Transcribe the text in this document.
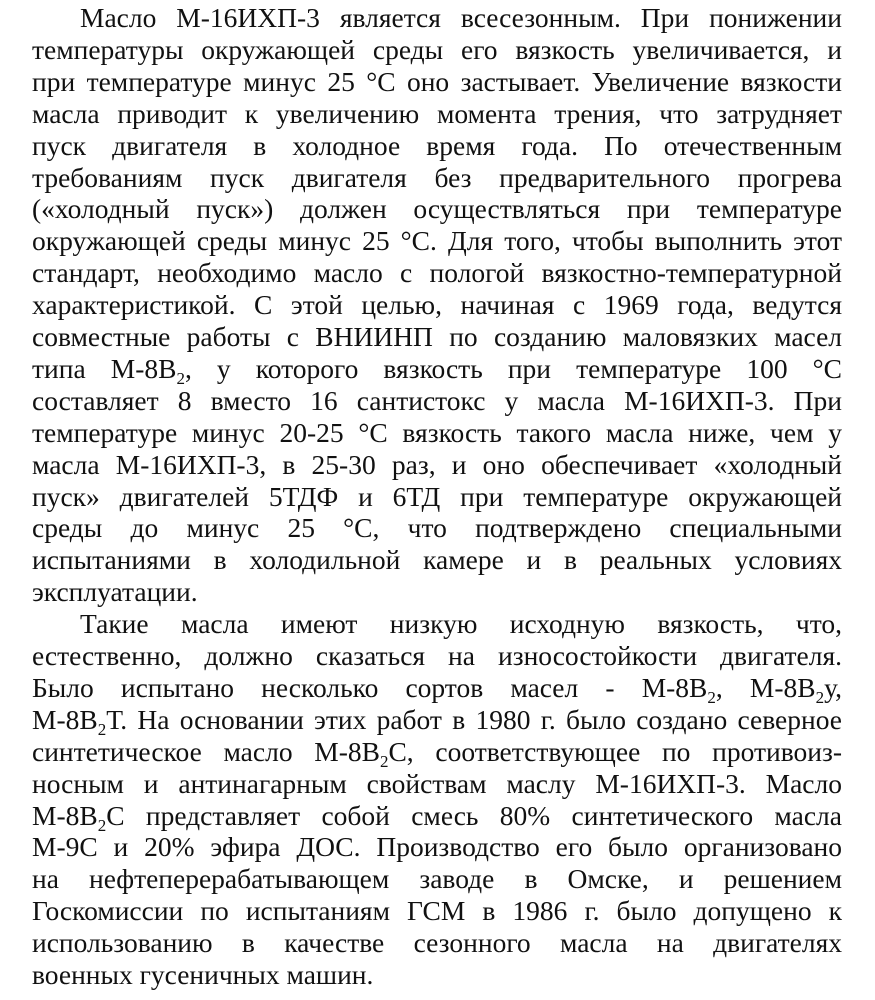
Масло М-16ИХП-3 является всесезонным. При понижении
температуры окружающей среды его вязкость увеличивается, и
при температуре минус 25 °С оно застывает. Увеличение вязкости
масла приводит к увеличению момента трения, что затрудняет
пуск двигателя в холодное время года. По отечественным
требованиям пуск двигателя без предварительного прогрева
(«холодный пуск») должен осуществляться при температуре
окружающей среды минус 25 °С. Для того, чтобы выполнить этот
стандарт, необходимо масло с пологой вязкостно-температурной
характеристикой. С этой целью, начиная с 1969 года, ведутся
совместные работы с ВНИИНП по созданию маловязких масел
типа $М-8В_2$, у которого вязкость при температуре 100 °С
составляет 8 вместо 16 сантистокс у масла М-16ИХП-3. При
температуре минус 20-25 °С вязкость такого масла ниже, чем у
масла М-16ИХП-3, в 25-30 раз, и оно обеспечивает «холодный
пуск» двигателей 5ТДФ и 6ТД при температуре окружающей
среды до минус 25 °С, что подтверждено специальными
испытаниями в холодильной камере и в реальных условиях
эксплуатации.
Такие масла имеют низкую исходную вязкость, что,
естественно, должно сказаться на износостойкости двигателя.
Было испытано несколько сортов масел - $М-8В_2$, $М-8В_2у$,
$М-8В_2Т$. На основании этих работ в 1980 г. было создано северное
синтетическое масло $М-8В_2С$, соответствующее по противоиз-
носным и антинагарным свойствам маслу М-16ИХП-3. Масло
$М-8В_2С$ представляет собой смесь 80% синтетического масла
М-9С и 20% эфира ДОС. Производство его было организовано
на нефтеперерабатывающем заводе в Омске, и решением
Госкомиссии по испытаниям ГСМ в 1986 г. было допущено к
использованию в качестве сезонного масла на двигателях
военных гусеничных машин.
